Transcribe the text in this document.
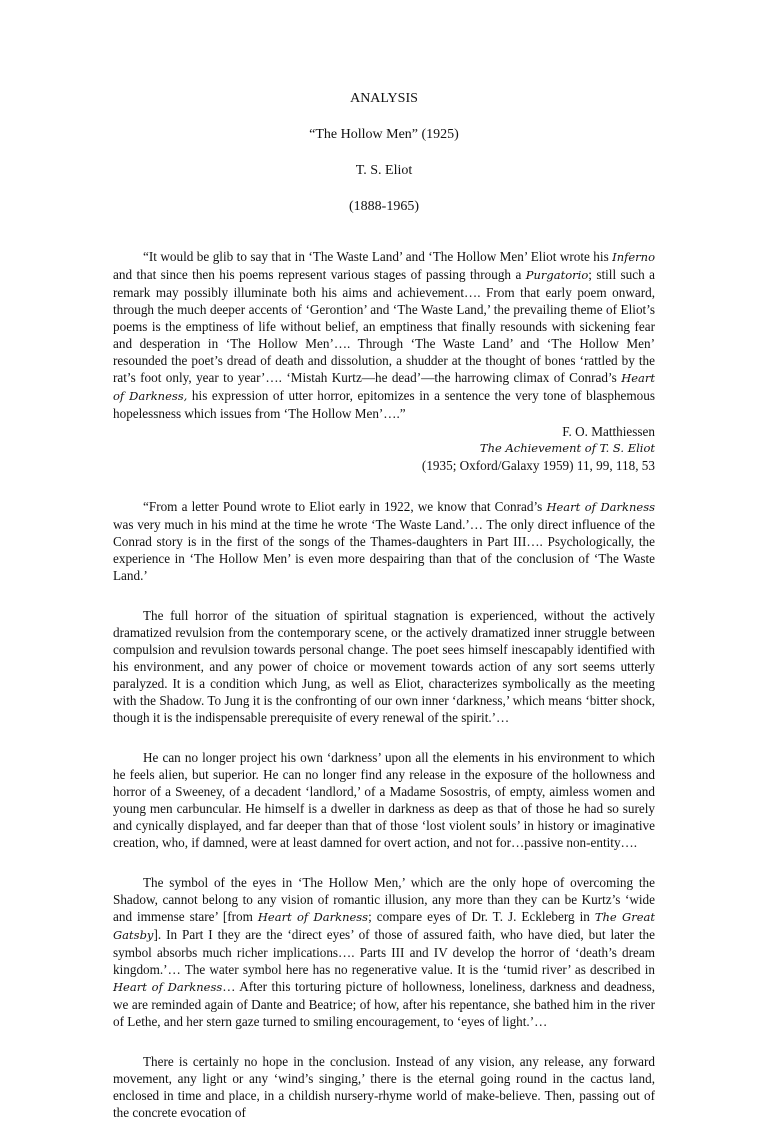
ANALYSIS
“The Hollow Men” (1925)
T. S. Eliot
(1888-1965)

“It would be glib to say that in ‘The Waste Land’ and ‘The Hollow Men’ Eliot wrote his Inferno and that since then his poems represent various stages of passing through a Purgatorio; still such a remark may possibly illuminate both his aims and achievement…. From that early poem onward, through the much deeper accents of ‘Gerontion’ and ‘The Waste Land,’ the prevailing theme of Eliot’s poems is the emptiness of life without belief, an emptiness that finally resounds with sickening fear and desperation in ‘The Hollow Men’…. Through ‘The Waste Land’ and ‘The Hollow Men’ resounded the poet’s dread of death and dissolution, a shudder at the thought of bones ‘rattled by the rat’s foot only, year to year’…. ‘Mistah Kurtz—he dead’—the harrowing climax of Conrad’s Heart of Darkness, his expression of utter horror, epitomizes in a sentence the very tone of blasphemous hopelessness which issues from ‘The Hollow Men’….”

F. O. Matthiessen
The Achievement of T. S. Eliot
(1935; Oxford/Galaxy 1959) 11, 99, 118, 53

“From a letter Pound wrote to Eliot early in 1922, we know that Conrad’s Heart of Darkness was very much in his mind at the time he wrote ‘The Waste Land.’… The only direct influence of the Conrad story is in the first of the songs of the Thames-daughters in Part III…. Psychologically, the experience in ‘The Hollow Men’ is even more despairing than that of the conclusion of ‘The Waste Land.’

The full horror of the situation of spiritual stagnation is experienced, without the actively dramatized revulsion from the contemporary scene, or the actively dramatized inner struggle between compulsion and revulsion towards personal change. The poet sees himself inescapably identified with his environment, and any power of choice or movement towards action of any sort seems utterly paralyzed. It is a condition which Jung, as well as Eliot, characterizes symbolically as the meeting with the Shadow. To Jung it is the confronting of our own inner ‘darkness,’ which means ‘bitter shock, though it is the indispensable prerequisite of every renewal of the spirit.’…

He can no longer project his own ‘darkness’ upon all the elements in his environment to which he feels alien, but superior. He can no longer find any release in the exposure of the hollowness and horror of a Sweeney, of a decadent ‘landlord,’ of a Madame Sosostris, of empty, aimless women and young men carbuncular. He himself is a dweller in darkness as deep as that of those he had so surely and cynically displayed, and far deeper than that of those ‘lost violent souls’ in history or imaginative creation, who, if damned, were at least damned for overt action, and not for…passive non-entity….

The symbol of the eyes in ‘The Hollow Men,’ which are the only hope of overcoming the Shadow, cannot belong to any vision of romantic illusion, any more than they can be Kurtz’s ‘wide and immense stare’ [from Heart of Darkness; compare eyes of Dr. T. J. Eckleberg in The Great Gatsby]. In Part I they are the ‘direct eyes’ of those of assured faith, who have died, but later the symbol absorbs much richer implications…. Parts III and IV develop the horror of ‘death’s dream kingdom.’… The water symbol here has no regenerative value. It is the ‘tumid river’ as described in Heart of Darkness… After this torturing picture of hollowness, loneliness, darkness and deadness, we are reminded again of Dante and Beatrice; of how, after his repentance, she bathed him in the river of Lethe, and her stern gaze turned to smiling encouragement, to ‘eyes of light.’…

There is certainly no hope in the conclusion. Instead of any vision, any release, any forward movement, any light or any ‘wind’s singing,’ there is the eternal going round in the cactus land, enclosed in time and place, in a childish nursery-rhyme world of make-believe. Then, passing out of the concrete evocation of
